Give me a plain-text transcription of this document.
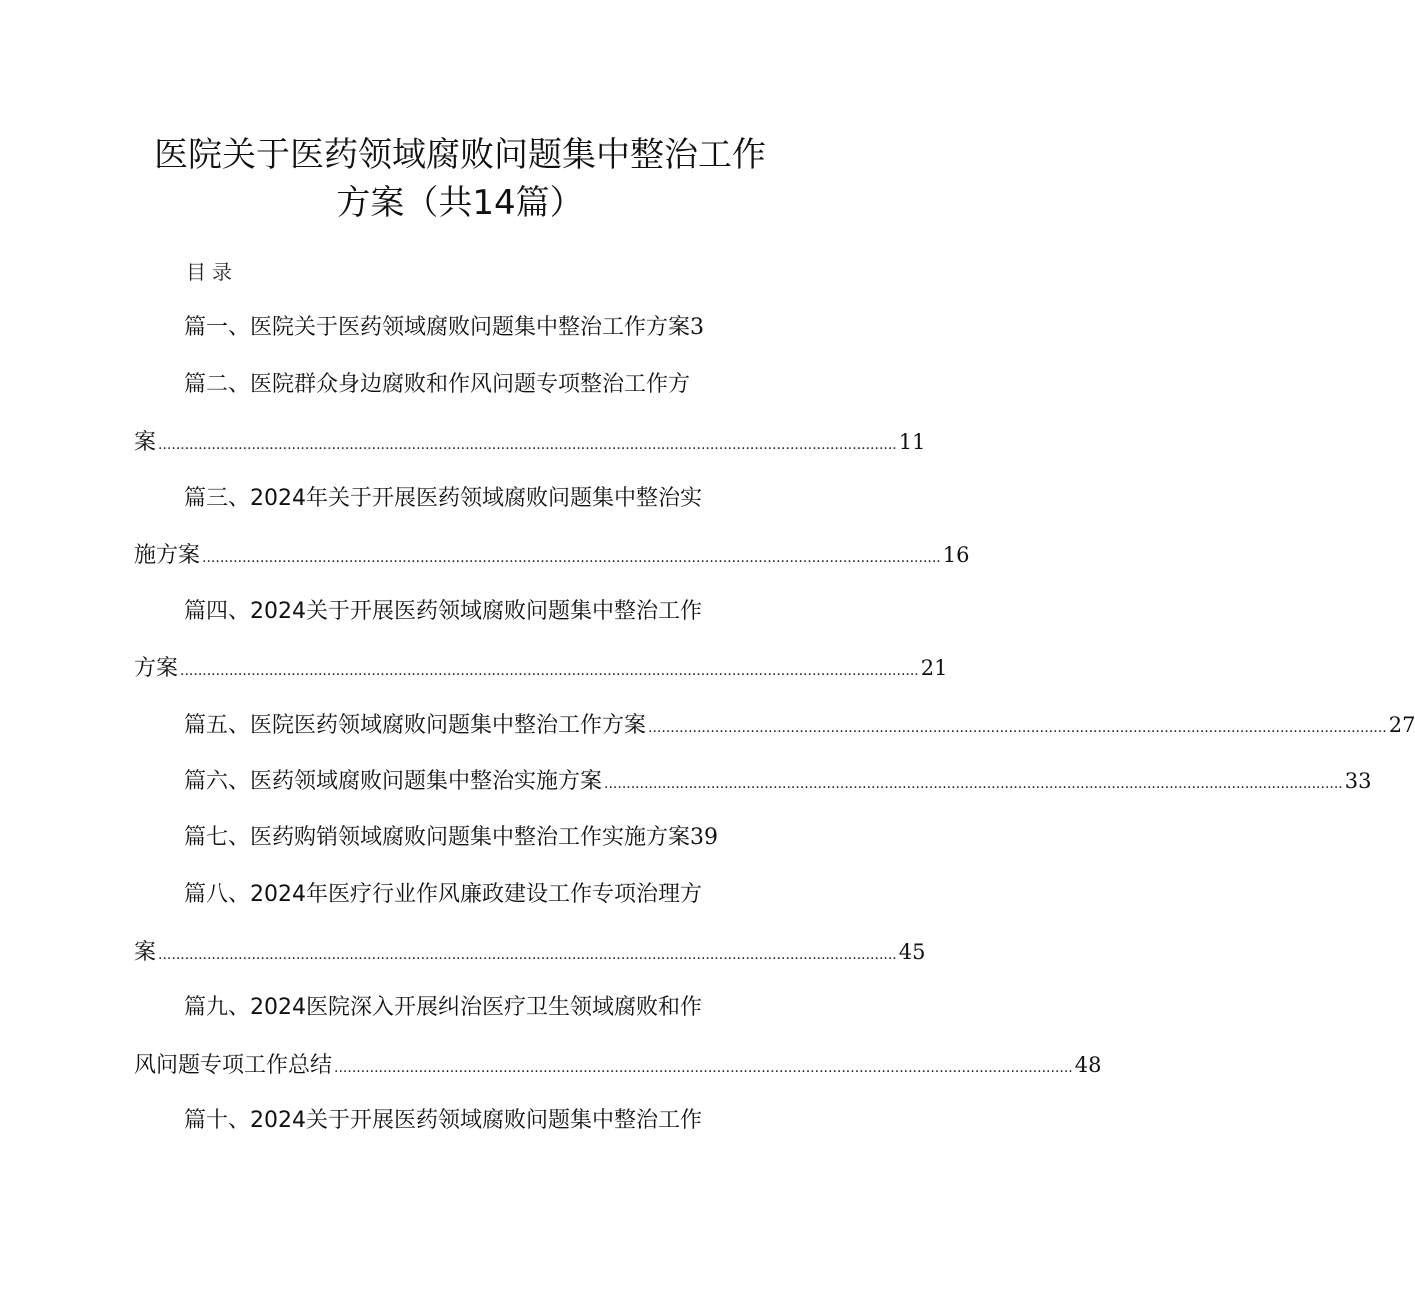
医院关于医药领域腐败问题集中整治工作
方案（共14篇）
目录
篇一、医院关于医药领域腐败问题集中整治工作方案3
篇二、医院群众身边腐败和作风问题专项整治工作方
案 ...................................................................................................................................................................... 11
篇三、2024年关于开展医药领域腐败问题集中整治实
施方案 ...................................................................................................................................................................... 16
篇四、2024关于开展医药领域腐败问题集中整治工作
方案 ...................................................................................................................................................................... 21
篇五、医院医药领域腐败问题集中整治工作方案 ...................................................................................................................................................................... 27
篇六、医药领域腐败问题集中整治实施方案 ...................................................................................................................................................................... 33
篇七、医药购销领域腐败问题集中整治工作实施方案39
篇八、2024年医疗行业作风廉政建设工作专项治理方
案 ...................................................................................................................................................................... 45
篇九、2024医院深入开展纠治医疗卫生领域腐败和作
风问题专项工作总结 ...................................................................................................................................................................... 48
篇十、2024关于开展医药领域腐败问题集中整治工作
